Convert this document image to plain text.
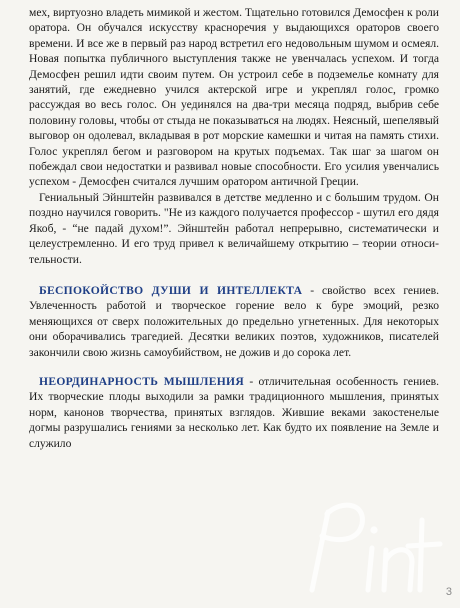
мех, виртуозно владеть мимикой и жестом. Тщательно готовился Демосфен к роли оратора. Он обучался искусству красноречия у выдающихся ораторов своего времени. И все же в первый раз народ встретил его недовольным шумом и осмеял. Новая попытка публичного выступления также не увенчалась успехом. И тогда Демосфен решил идти своим путем. Он устроил себе в подземелье комнату для занятий, где ежедневно учился актерской игре и укреплял голос, громко рассуждая во весь голос. Он уединялся на два-три месяца подряд, выбрив себе половину головы, чтобы от стыда не показываться на людях. Неясный, шепелявый выговор он одолевал, вкладывая в рот морские камешки и читая на память стихи. Голос укреплял бегом и разговором на крутых подъемах. Так шаг за шагом он побеждал свои недостатки и развивал новые способности. Его усилия увенчались успехом - Демосфен считался лучшим оратором античной Греции.

Гениальный Эйнштейн развивался в детстве медленно и с большим трудом. Он поздно научился говорить. "Не из каждого получается профессор - шутил его дядя Якоб, - “не падай духом!”. Эйнштейн работал непрерывно, систематически и целеустремленно. И его труд привел к величайшему открытию – теории относительности.

БЕСПОКОЙСТВО ДУШИ И ИНТЕЛЛЕКТА - свойство всех гениев. Увлеченность работой и творческое горение вело к буре эмоций, резко меняющихся от сверх положительных до предельно угнетенных. Для некоторых они оборачивались трагедией. Десятки великих поэтов, художников, писателей закончили свою жизнь самоубийством, не дожив и до сорока лет.

НЕОРДИНАРНОСТЬ МЫШЛЕНИЯ - отличительная особенность гениев. Их творческие плоды выходили за рамки традиционного мышления, принятых норм, канонов творчества, принятых взглядов. Жившие веками закостенелые догмы разрушались гениями за несколько лет. Как будто их появление на Земле и служило

3
